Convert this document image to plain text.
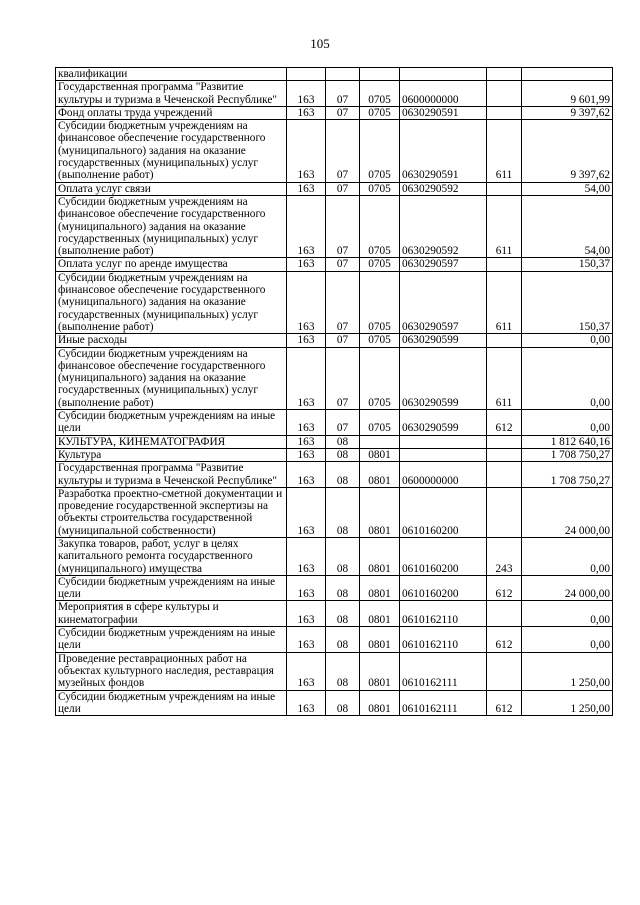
105
квалификации						
Государственная программа "Развитие культуры и туризма в Чеченской Республике"	163	07	0705	0600000000		9 601,99
Фонд оплаты труда учреждений	163	07	0705	0630290591		9 397,62
Субсидии бюджетным учреждениям на финансовое обеспечение государственного (муниципального) задания на оказание государственных (муниципальных) услуг (выполнение работ)	163	07	0705	0630290591	611	9 397,62
Оплата услуг связи	163	07	0705	0630290592		54,00
Субсидии бюджетным учреждениям на финансовое обеспечение государственного (муниципального) задания на оказание государственных (муниципальных) услуг (выполнение работ)	163	07	0705	0630290592	611	54,00
Оплата услуг по аренде имущества	163	07	0705	0630290597		150,37
Субсидии бюджетным учреждениям на финансовое обеспечение государственного (муниципального) задания на оказание государственных (муниципальных) услуг (выполнение работ)	163	07	0705	0630290597	611	150,37
Иные расходы	163	07	0705	0630290599		0,00
Субсидии бюджетным учреждениям на финансовое обеспечение государственного (муниципального) задания на оказание государственных (муниципальных) услуг (выполнение работ)	163	07	0705	0630290599	611	0,00
Субсидии бюджетным учреждениям на иные цели	163	07	0705	0630290599	612	0,00
КУЛЬТУРА, КИНЕМАТОГРАФИЯ	163	08				1 812 640,16
Культура	163	08	0801			1 708 750,27
Государственная программа "Развитие культуры и туризма в Чеченской Республике"	163	08	0801	0600000000		1 708 750,27
Разработка проектно-сметной документации и проведение государственной экспертизы на объекты строительства государственной (муниципальной собственности)	163	08	0801	0610160200		24 000,00
Закупка товаров, работ, услуг в целях капитального ремонта государственного (муниципального) имущества	163	08	0801	0610160200	243	0,00
Субсидии бюджетным учреждениям на иные цели	163	08	0801	0610160200	612	24 000,00
Мероприятия в сфере культуры и кинематографии	163	08	0801	0610162110		0,00
Субсидии бюджетным учреждениям на иные цели	163	08	0801	0610162110	612	0,00
Проведение реставрационных работ на объектах культурного наследия, реставрация музейных фондов	163	08	0801	0610162111		1 250,00
Субсидии бюджетным учреждениям на иные цели	163	08	0801	0610162111	612	1 250,00
